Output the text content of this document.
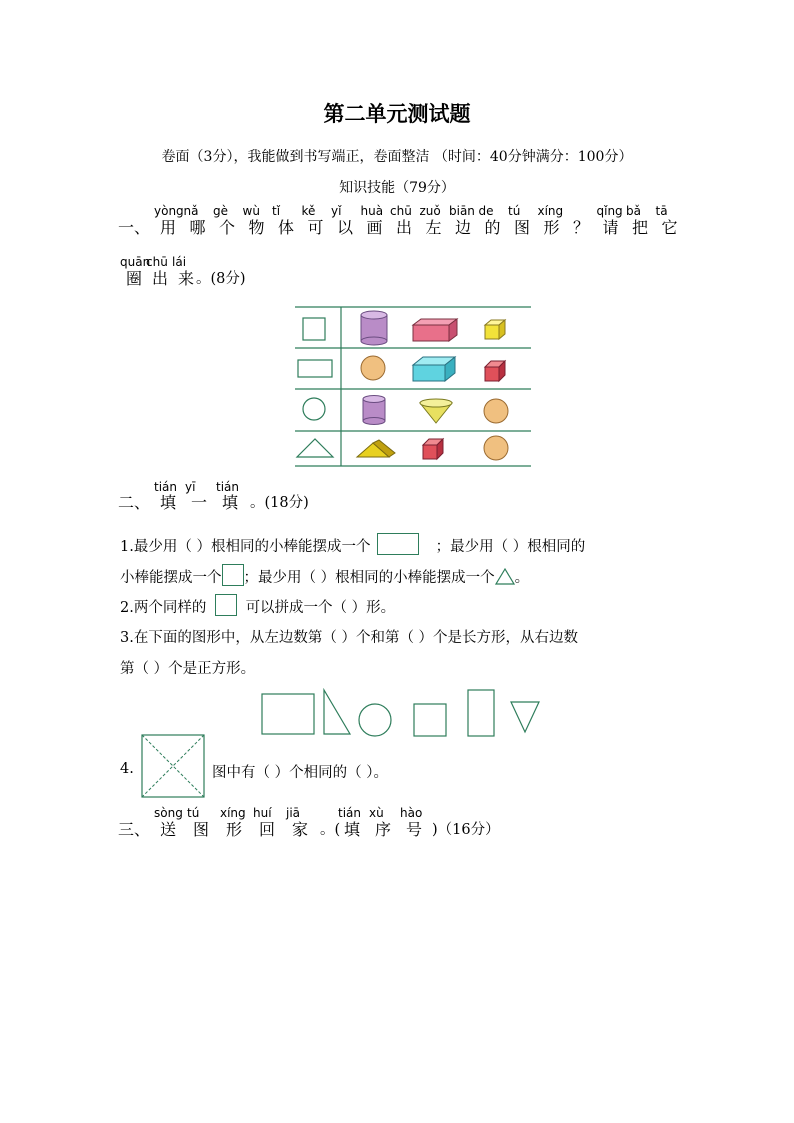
第二单元测试题
卷面（3分），我能做到书写端正，卷面整洁 （时间：40分钟满分：100分）
知识技能（79分）
一、 用
yòng
哪
nǎ
个
gè
物
wù
体
tǐ
可
kě
以
yǐ
画
huà
出
chū
左
zuǒ
边
biān
的
de
图
tú
形
xíng
？ 请
qǐng
把
bǎ
它
tā
圈
quān
出
chū
来
lái
。(8分)
二、 填
tián
一
yī
填
tián
。(18分)
1.最少用（ ）根相同的小棒能摆成一个	；最少用（ ）根相同的
小棒能摆成一个 ；最少用（ ）根相同的小棒能摆成一个 。
2.两个同样的	可以拼成一个（ ）形。
3.在下面的图形中，从左边数第（ ）个和第（ ）个是长方形，从右边数
第（ ）个是正方形。
4.	图中有（ ）个相同的（ ）。
三、 送
sòng
图
tú
形
xíng
回
huí
家
jiā
。( 填
tián
序
xù
号
hào
)（16分）
